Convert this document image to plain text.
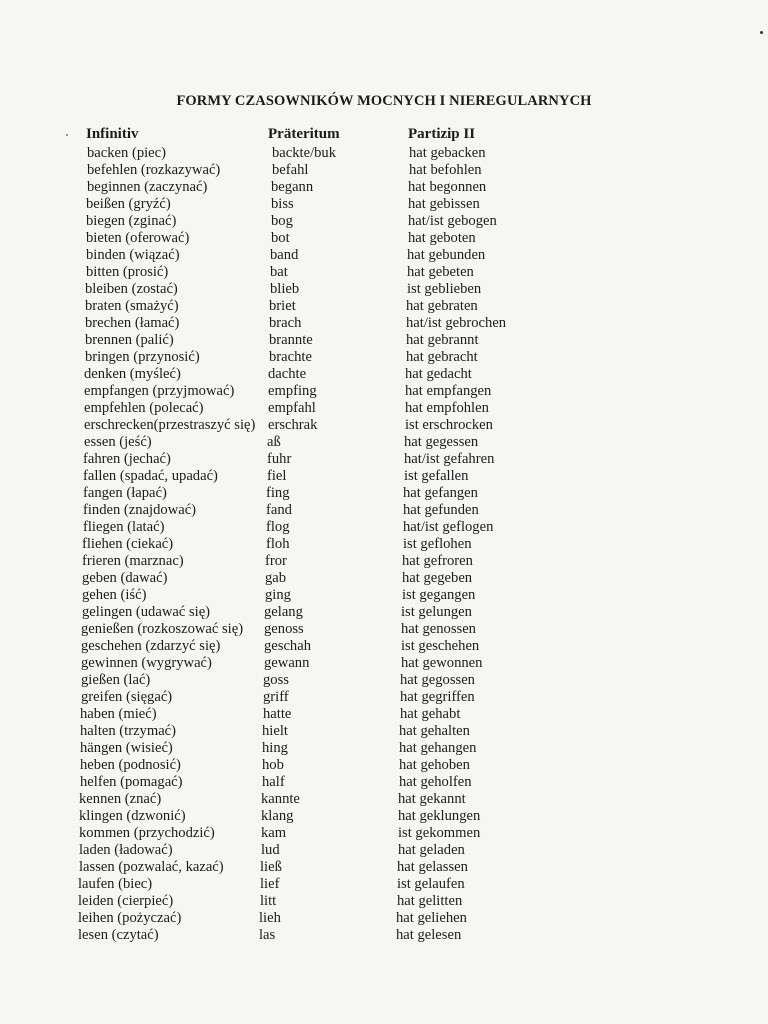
FORMY CZASOWNIKÓW MOCNYCH I NIEREGULARNYCH
Infinitiv	Präteritum	Partizip II
backen (piec)	backte/buk	hat gebacken
befehlen (rozkazywać)	befahl	hat befohlen
beginnen (zaczynać)	begann	hat begonnen
beißen (gryźć)	biss	hat gebissen
biegen (zginać)	bog	hat/ist gebogen
bieten (oferować)	bot	hat geboten
binden (wiązać)	band	hat gebunden
bitten (prosić)	bat	hat gebeten
bleiben (zostać)	blieb	ist geblieben
braten (smażyć)	briet	hat gebraten
brechen (łamać)	brach	hat/ist gebrochen
brennen (palić)	brannte	hat gebrannt
bringen (przynosić)	brachte	hat gebracht
denken (myśleć)	dachte	hat gedacht
empfangen (przyjmować) empfing	hat empfangen
empfehlen (polecać)	empfahl	hat empfohlen
erschrecken(przestraszyć się) erschrak	ist erschrocken
essen (jeść)	aß	hat gegessen
fahren (jechać)	fuhr	hat/ist gefahren
fallen (spadać, upadać)	fiel	ist gefallen
fangen (łapać)	fing	hat gefangen
finden (znajdować)	fand	hat gefunden
fliegen (latać)	flog	hat/ist geflogen
fliehen (ciekać)	floh	ist geflohen
frieren (marznac)	fror	hat gefroren
geben (dawać)	gab	hat gegeben
gehen (iść)	ging	ist gegangen
gelingen (udawać się)	gelang	ist gelungen
genießen (rozkoszować się) genoss	hat genossen
geschehen (zdarzyć się)	geschah	ist geschehen
gewinnen (wygrywać)	gewann	hat gewonnen
gießen (lać)	goss	hat gegossen
greifen (sięgać)	griff	hat gegriffen
haben (mieć)	hatte	hat gehabt
halten (trzymać)	hielt	hat gehalten
hängen (wisieć)	hing	hat gehangen
heben (podnosić)	hob	hat gehoben
helfen (pomagać)	half	hat geholfen
kennen (znać)	kannte	hat gekannt
klingen (dzwonić)	klang	hat geklungen
kommen (przychodzić)	kam	ist gekommen
laden (ładować)	lud	hat geladen
lassen (pozwalać, kazać) ließ	hat gelassen
laufen (biec)	lief	ist gelaufen
leiden (cierpieć)	litt	hat gelitten
leihen (pożyczać)	lieh	hat geliehen
lesen (czytać)	las	hat gelesen
